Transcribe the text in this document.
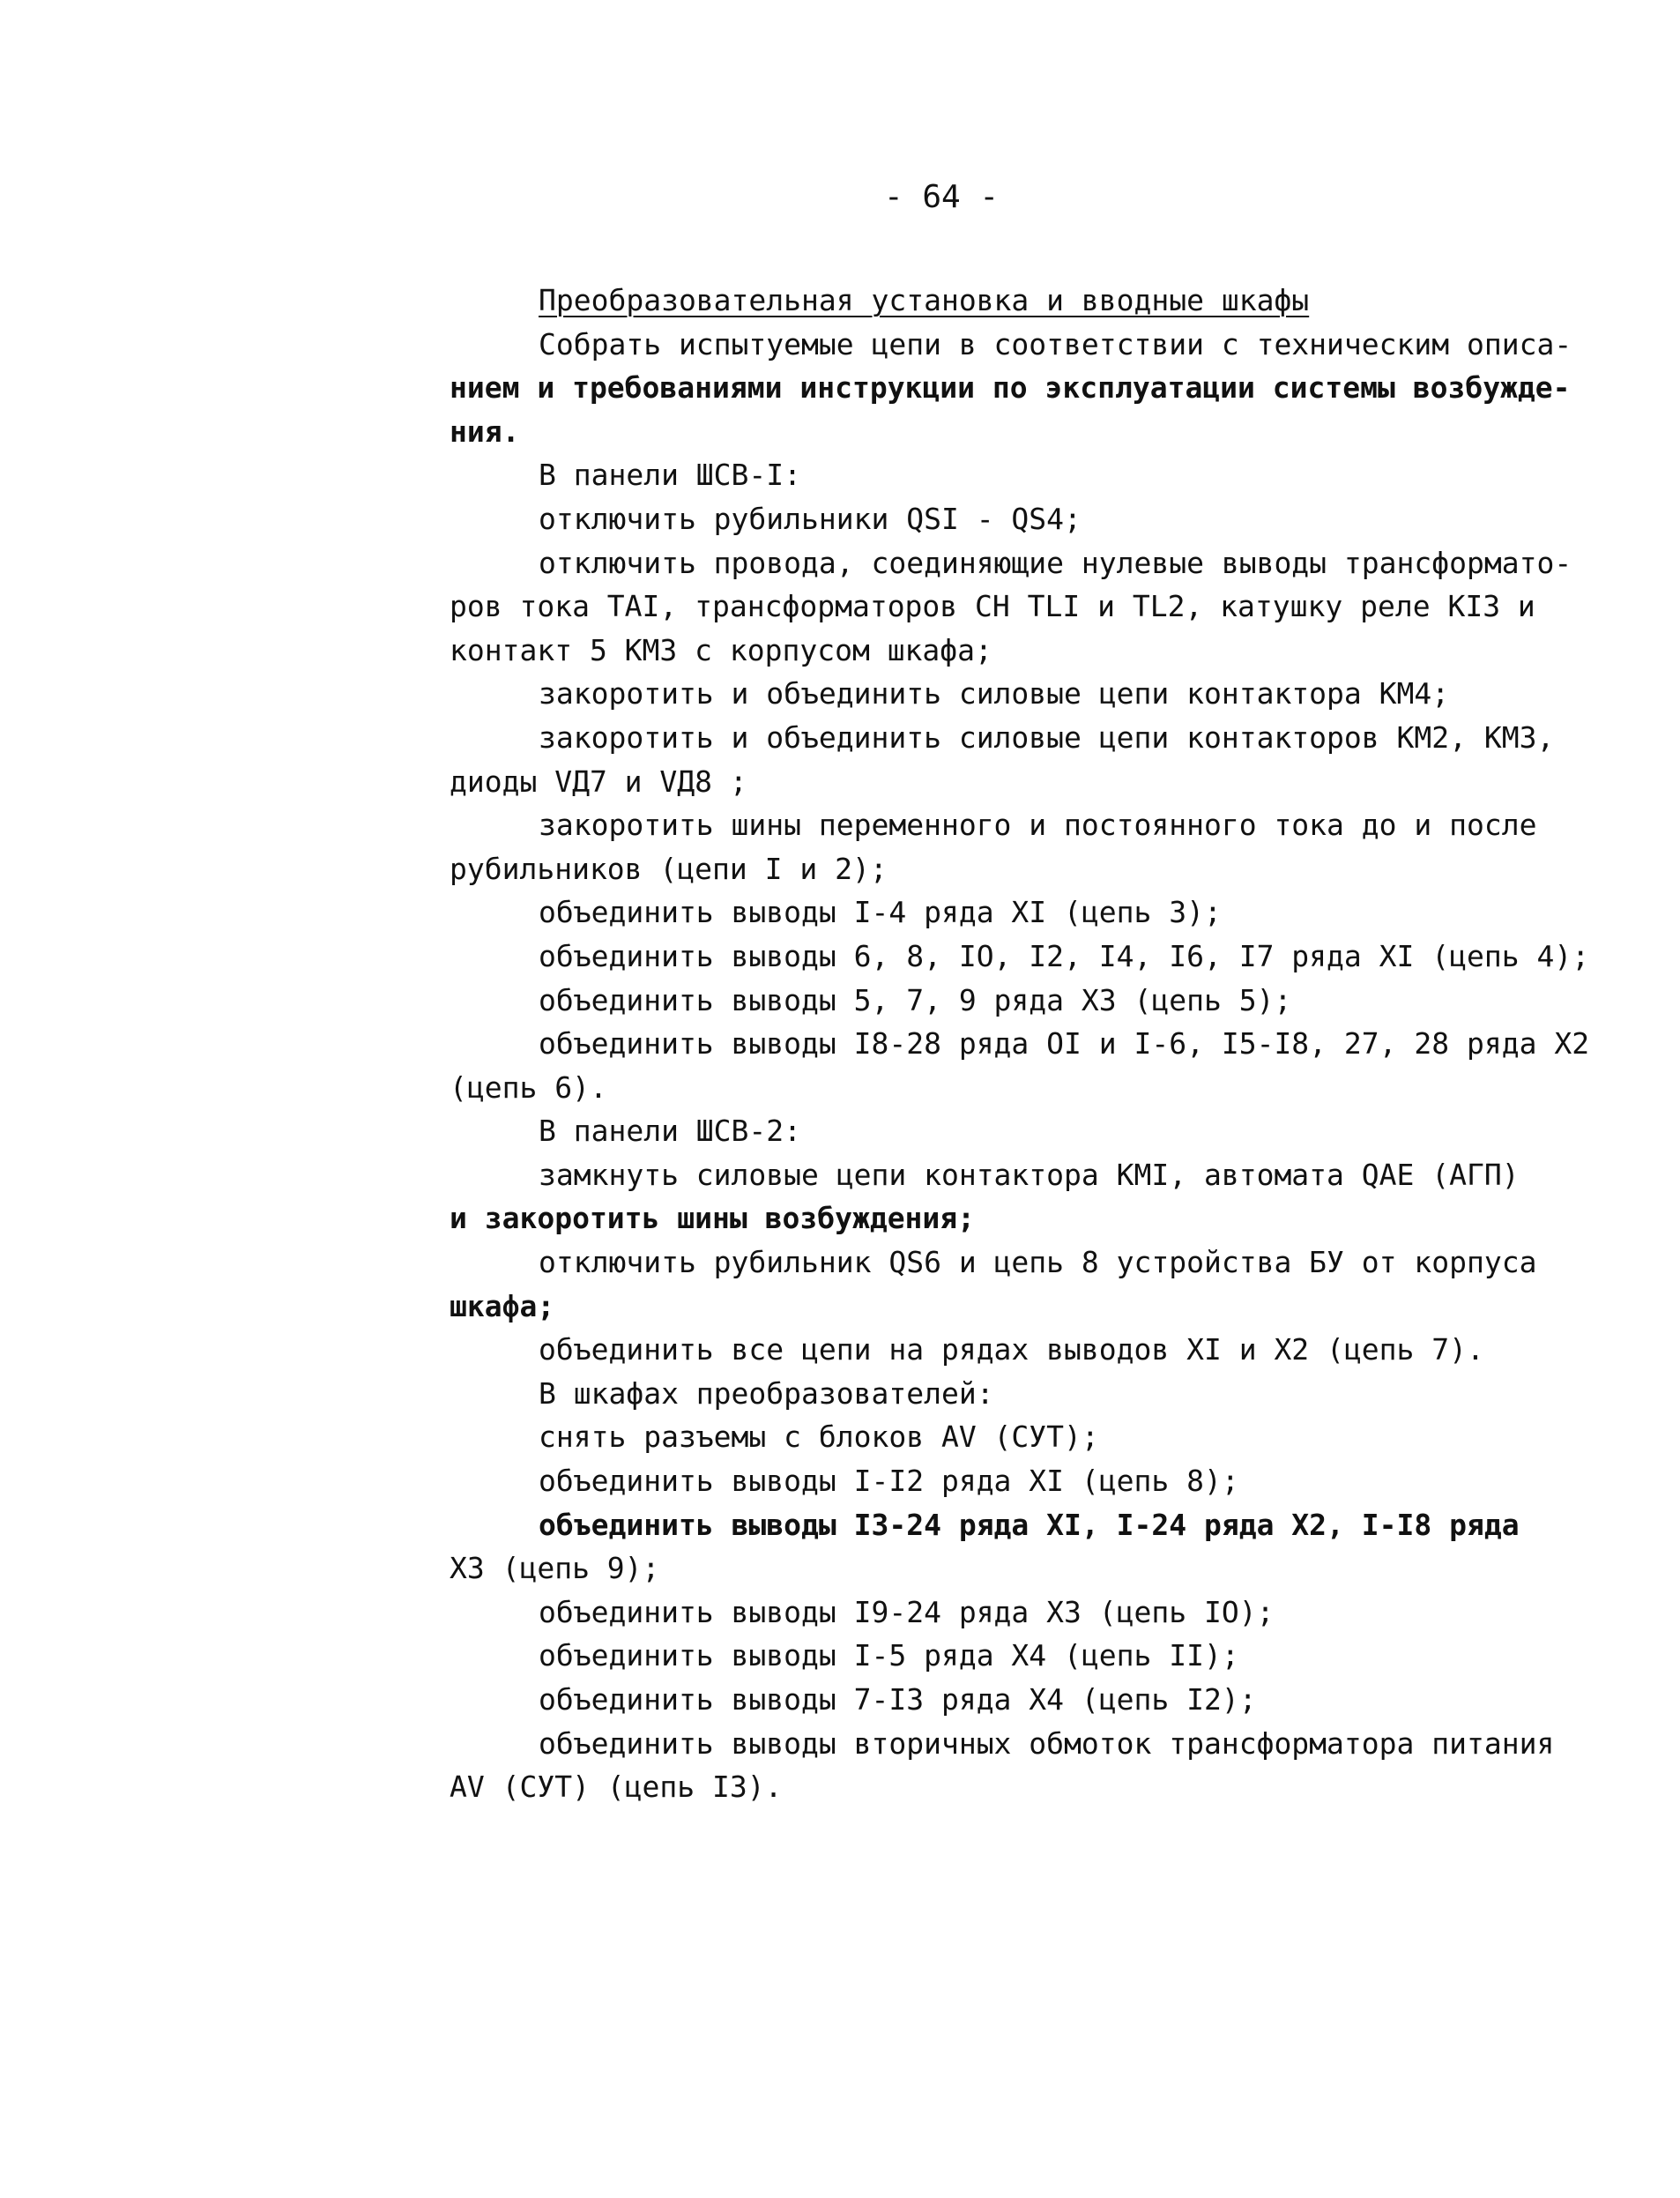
- 64 -
Преобразовательная установка и вводные шкафы
Собрать испытуемые цепи в соответствии с техническим описа-
нием и требованиями инструкции по эксплуатации системы возбужде-
ния.
В панели ШСВ-I:
отключить рубильники QSI - QS4;
отключить провода, соединяющие нулевые выводы трансформато-
ров тока TAI, трансформаторов СН TLI и TL2, катушку реле KI3 и
контакт 5 КМ3 с корпусом шкафа;
закоротить и объединить силовые цепи контактора КМ4;
закоротить и объединить силовые цепи контакторов КМ2, КМ3,
диоды VД7 и VД8 ;
закоротить шины переменного и постоянного тока до и после
рубильников (цепи I и 2);
объединить выводы I-4 ряда XI (цепь 3);
объединить выводы 6, 8, IO, I2, I4, I6, I7 ряда XI (цепь 4);
объединить выводы 5, 7, 9 ряда X3 (цепь 5);
объединить выводы I8-28 ряда OI и I-6, I5-I8, 27, 28 ряда X2
(цепь 6).
В панели ШСВ-2:
замкнуть силовые цепи контактора КМI, автомата QAE (АГП)
и закоротить шины возбуждения;
отключить рубильник QS6 и цепь 8 устройства БУ от корпуса
шкафа;
объединить все цепи на рядах выводов XI и X2 (цепь 7).
В шкафах преобразователей:
снять разъемы с блоков AV (СУТ);
объединить выводы I-I2 ряда XI (цепь 8);
объединить выводы I3-24 ряда XI, I-24 ряда X2, I-I8 ряда
X3 (цепь 9);
объединить выводы I9-24 ряда X3 (цепь IO);
объединить выводы I-5 ряда X4 (цепь II);
объединить выводы 7-I3 ряда X4 (цепь I2);
объединить выводы вторичных обмоток трансформатора питания
AV (СУТ) (цепь I3).
